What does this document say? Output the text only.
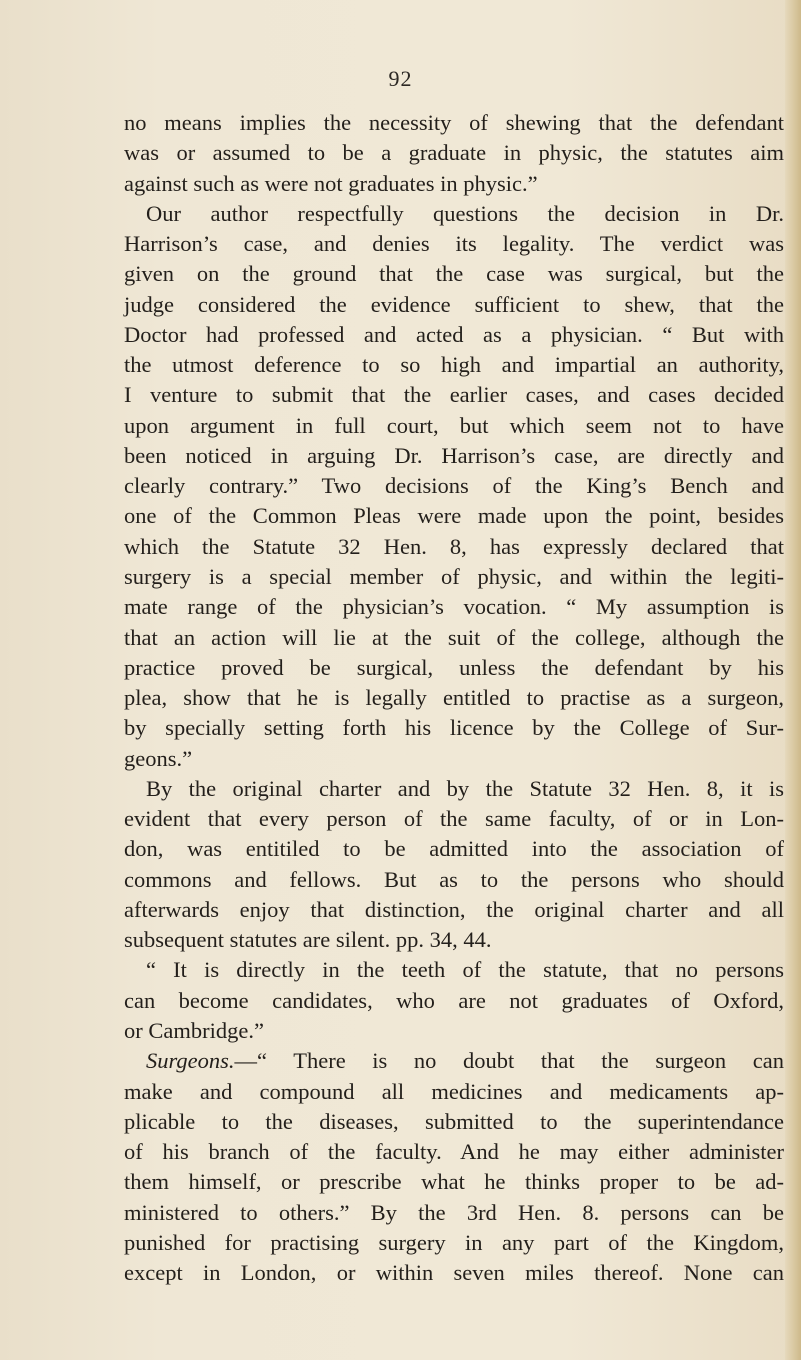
92
no means implies the necessity of shewing that the defendant
was or assumed to be a graduate in physic, the statutes aim
against such as were not graduates in physic.”
Our author respectfully questions the decision in Dr.
Harrison’s case, and denies its legality. The verdict was
given on the ground that the case was surgical, but the
judge considered the evidence sufficient to shew, that the
Doctor had professed and acted as a physician. “ But with
the utmost deference to so high and impartial an authority,
I venture to submit that the earlier cases, and cases decided
upon argument in full court, but which seem not to have
been noticed in arguing Dr. Harrison’s case, are directly and
clearly contrary.” Two decisions of the King’s Bench and
one of the Common Pleas were made upon the point, besides
which the Statute 32 Hen. 8, has expressly declared that
surgery is a special member of physic, and within the legiti-
mate range of the physician’s vocation. “ My assumption is
that an action will lie at the suit of the college, although the
practice proved be surgical, unless the defendant by his
plea, show that he is legally entitled to practise as a surgeon,
by specially setting forth his licence by the College of Sur-
geons.”
By the original charter and by the Statute 32 Hen. 8, it is
evident that every person of the same faculty, of or in Lon-
don, was entitiled to be admitted into the association of
commons and fellows. But as to the persons who should
afterwards enjoy that distinction, the original charter and all
subsequent statutes are silent. pp. 34, 44.
“ It is directly in the teeth of the statute, that no persons
can become candidates, who are not graduates of Oxford,
or Cambridge.”
Surgeons.—“ There is no doubt that the surgeon can
make and compound all medicines and medicaments ap-
plicable to the diseases, submitted to the superintendance
of his branch of the faculty. And he may either administer
them himself, or prescribe what he thinks proper to be ad-
ministered to others.” By the 3rd Hen. 8. persons can be
punished for practising surgery in any part of the Kingdom,
except in London, or within seven miles thereof. None can
